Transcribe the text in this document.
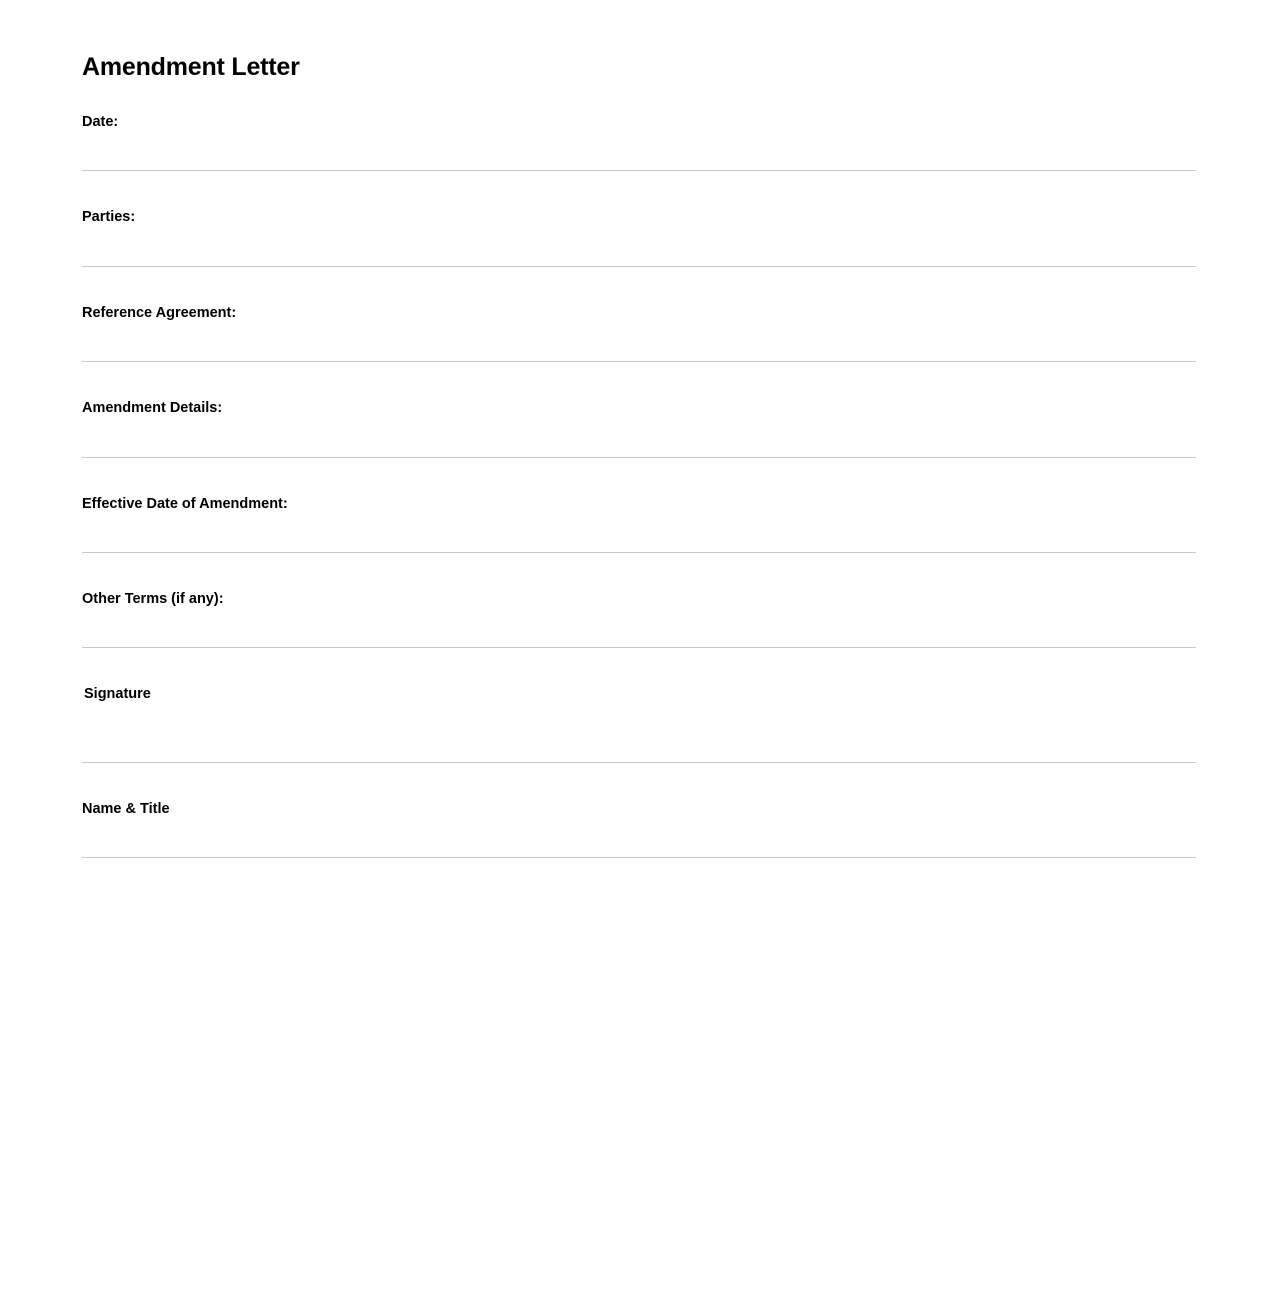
Amendment Letter
Date:
Parties:
Reference Agreement:
Amendment Details:
Effective Date of Amendment:
Other Terms (if any):
Signature
Name & Title
